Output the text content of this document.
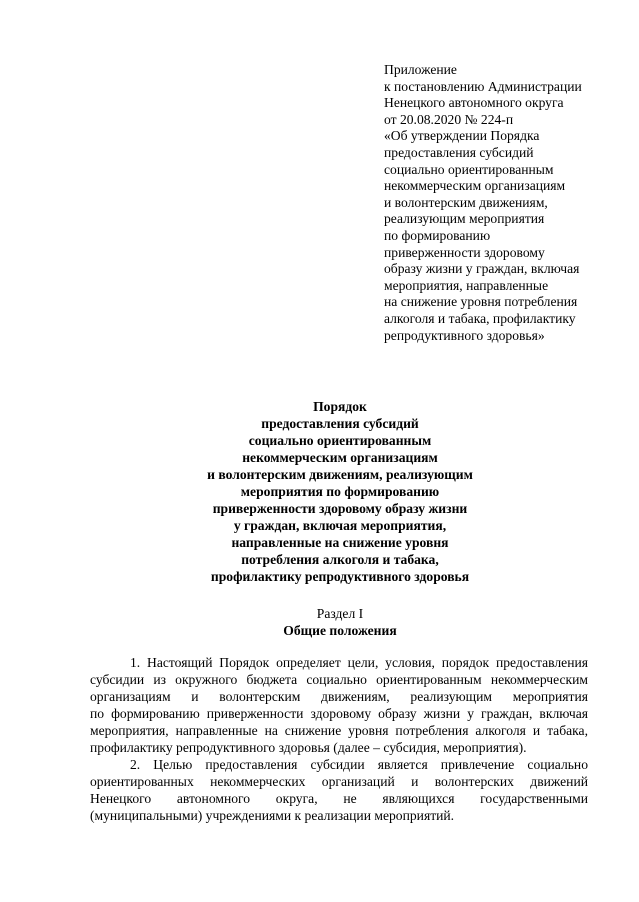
Приложение
к постановлению Администрации
Ненецкого автономного округа
от 20.08.2020 № 224-п
«Об утверждении Порядка
предоставления субсидий
социально ориентированным
некоммерческим организациям
и волонтерским движениям,
реализующим мероприятия
по формированию
приверженности здоровому
образу жизни у граждан, включая
мероприятия, направленные
на снижение уровня потребления
алкоголя и табака, профилактику
репродуктивного здоровья»
Порядок
предоставления субсидий
социально ориентированным
некоммерческим организациям
и волонтерским движениям, реализующим
мероприятия по формированию
приверженности здоровому образу жизни
у граждан, включая мероприятия,
направленные на снижение уровня
потребления алкоголя и табака,
профилактику репродуктивного здоровья
Раздел I
Общие положения
1. Настоящий Порядок определяет цели, условия, порядок предоставления
субсидии из окружного бюджета социально ориентированным некоммерческим
организациям и волонтерским движениям, реализующим мероприятия
по формированию приверженности здоровому образу жизни у граждан, включая
мероприятия, направленные на снижение уровня потребления алкоголя и табака,
профилактику репродуктивного здоровья (далее – субсидия, мероприятия).
2. Целью предоставления субсидии является привлечение социально
ориентированных некоммерческих организаций и волонтерских движений
Ненецкого автономного округа, не являющихся государственными
(муниципальными) учреждениями к реализации мероприятий.
